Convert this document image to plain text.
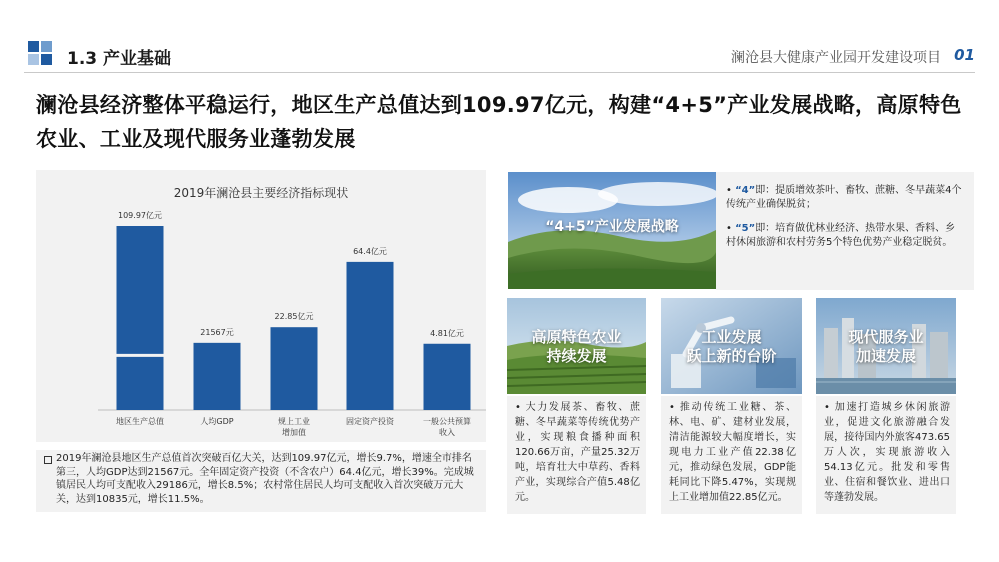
1.3 产业基础	澜沧县大健康产业园开发建设项目 01
澜沧县经济整体平稳运行，地区生产总值达到109.97亿元，构建“4+5”产业发展战略，高原特色农业、工业及现代服务业蓬勃发展
2019年澜沧县主要经济指标现状
109.97亿元
地区生产总值
21567元
人均GDP
22.85亿元
规上工业
增加值
64.4亿元
固定资产投资
4.81亿元
一般公共预算
收入
2019年澜沧县地区生产总值首次突破百亿大关，达到109.97亿元，增长9.7%，增速全市排名第三，人均GDP达到21567元。全年固定资产投资（不含农户）64.4亿元，增长39%。完成城镇居民人均可支配收入29186元，增长8.5%；农村常住居民人均可支配收入首次突破万元大关，达到10835元，增长11.5%。
“4+5”产业发展战略
• “4”即：提质增效茶叶、畜牧、蔗糖、冬早蔬菜4个传统产业确保脱贫；
• “5”即：培育做优林业经济、热带水果、香料、乡村休闲旅游和农村劳务5个特色优势产业稳定脱贫。
高原特色农业
持续发展
• 大力发展茶、畜牧、蔗糖、冬早蔬菜等传统优势产业，实现粮食播种面积120.66万亩，产量25.32万吨，培育壮大中草药、香料产业，实现综合产值5.48亿元。
工业发展
跃上新的台阶
• 推动传统工业糖、茶、林、电、矿、建材业发展，清洁能源较大幅度增长，实现电力工业产值22.38亿元，推动绿色发展，GDP能耗同比下降5.47%，实现规上工业增加值22.85亿元。
现代服务业
加速发展
• 加速打造城乡休闲旅游业，促进文化旅游融合发展，接待国内外旅客473.65万人次，实现旅游收入54.13亿元。批发和零售业、住宿和餐饮业、进出口等蓬勃发展。
